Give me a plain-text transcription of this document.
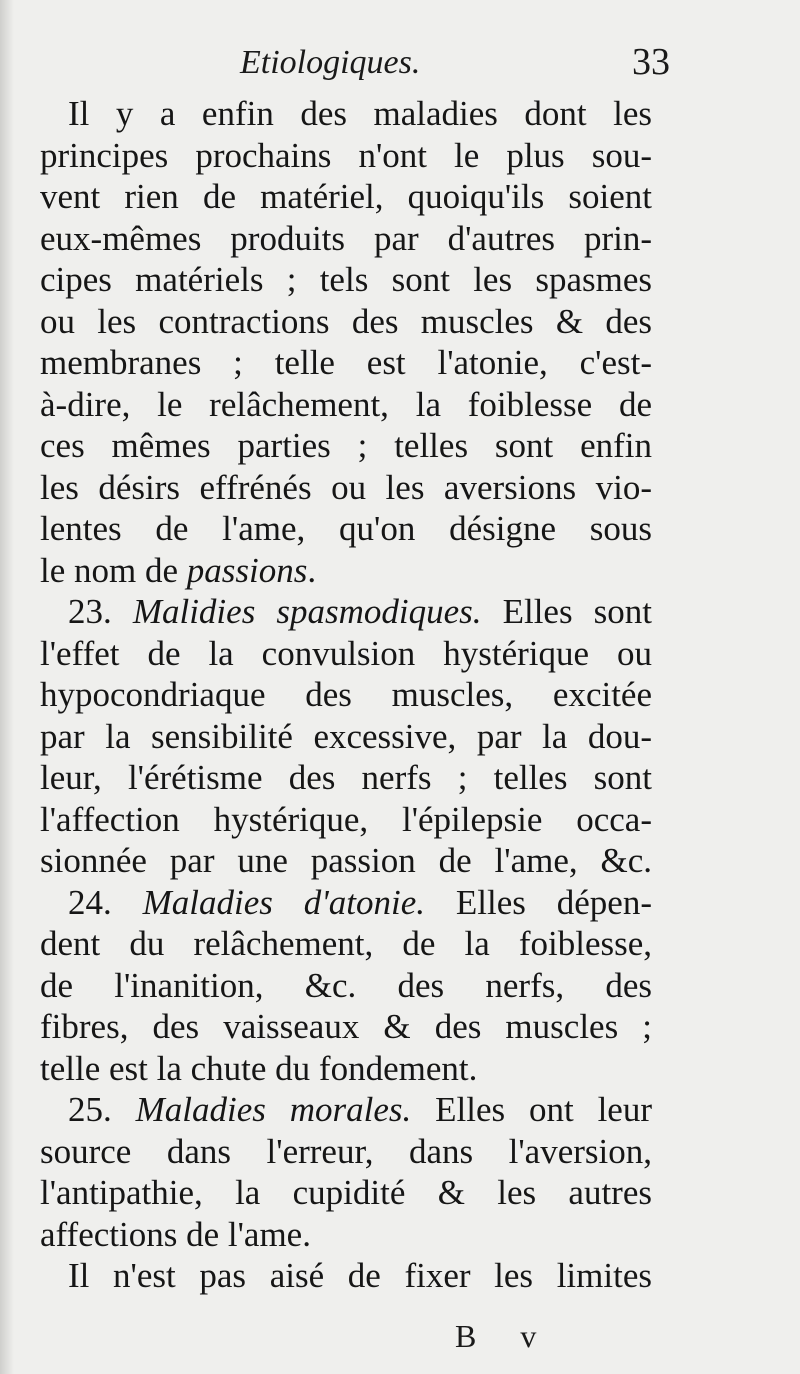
Etiologiques.	33
Il y a enfin des maladies dont les
principes prochains n'ont le plus sou-
vent rien de matériel, quoiqu'ils soient
eux-mêmes produits par d'autres prin-
cipes matériels ; tels sont les spasmes
ou les contractions des muscles & des
membranes ; telle est l'atonie, c'est-
à-dire, le relâchement, la foiblesse de
ces mêmes parties ; telles sont enfin
les désirs effrénés ou les aversions vio-
lentes de l'ame, qu'on désigne sous
le nom de passions.
23. Malidies spasmodiques. Elles sont
l'effet de la convulsion hystérique ou
hypocondriaque des muscles, excitée
par la sensibilité excessive, par la dou-
leur, l'érétisme des nerfs ; telles sont
l'affection hystérique, l'épilepsie occa-
sionnée par une passion de l'ame, &c.
24. Maladies d'atonie. Elles dépen-
dent du relâchement, de la foiblesse,
de l'inanition, &c. des nerfs, des
fibres, des vaisseaux & des muscles ;
telle est la chute du fondement.
25. Maladies morales. Elles ont leur
source dans l'erreur, dans l'aversion,
l'antipathie, la cupidité & les autres
affections de l'ame.
Il n'est pas aisé de fixer les limites
B v
